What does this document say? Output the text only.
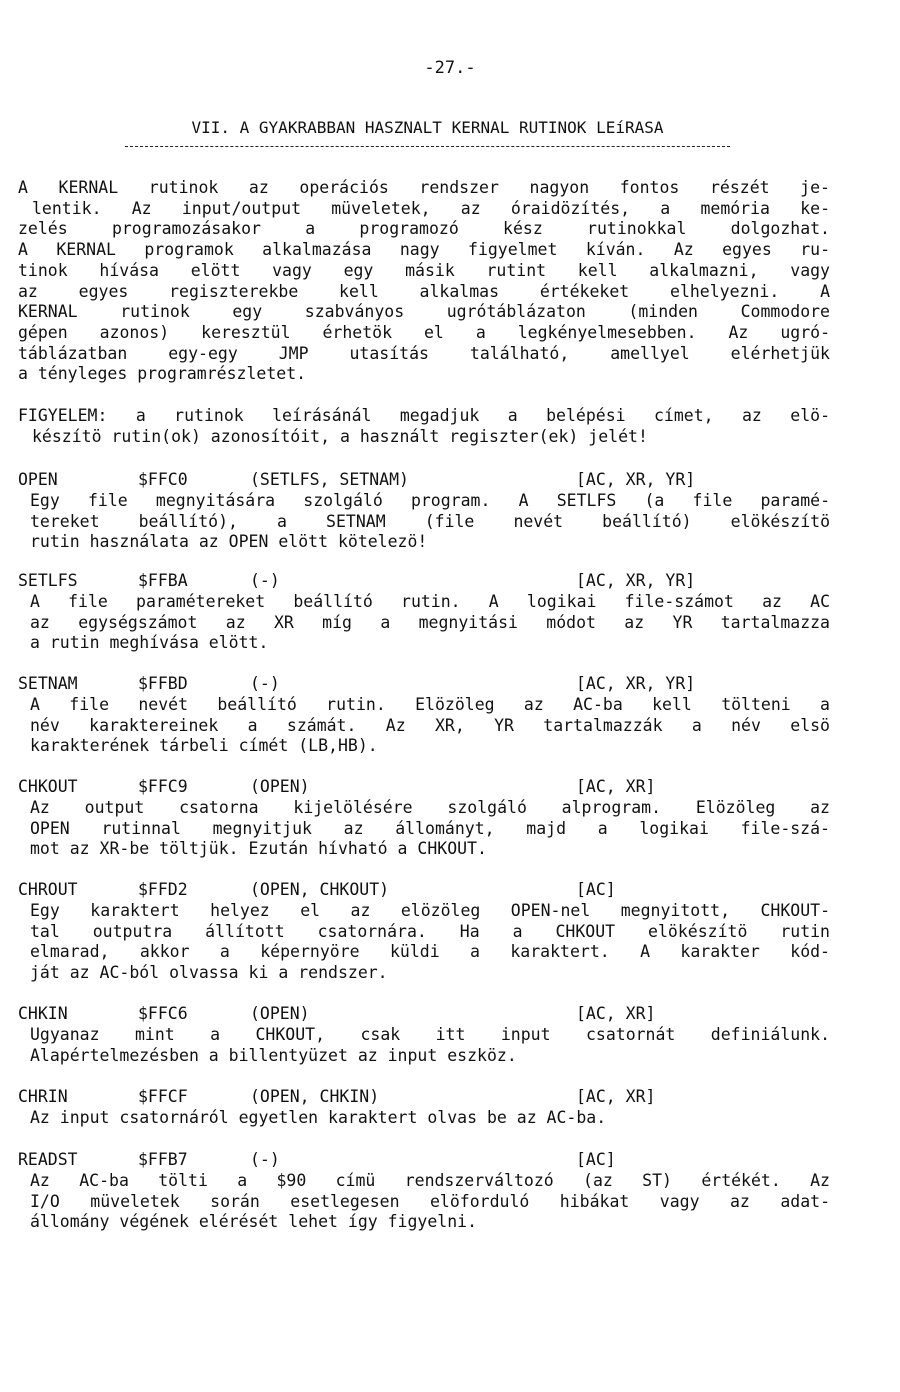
-27.-
VII. A GYAKRABBAN HASZNALT KERNAL RUTINOK LEíRASA
A KERNAL rutinok az operációs rendszer nagyon fontos részét je-
lentik. Az input/output müveletek, az óraidözítés, a memória ke-
zelés programozásakor a programozó kész rutinokkal dolgozhat.
A KERNAL programok alkalmazása nagy figyelmet kíván. Az egyes ru-
tinok hívása elött vagy egy másik rutint kell alkalmazni, vagy
az egyes regiszterekbe kell alkalmas értékeket elhelyezni. A
KERNAL rutinok egy szabványos ugrótáblázaton (minden Commodore
gépen azonos) keresztül érhetök el a legkényelmesebben. Az ugró-
táblázatban egy-egy JMP utasítás található, amellyel elérhetjük
a tényleges programrészletet.
FIGYELEM: a rutinok leírásánál megadjuk a belépési címet, az elö-
készítö rutin(ok) azonosítóit, a használt regiszter(ek) jelét!
OPEN	$FFC0	(SETLFS, SETNAM)	[AC, XR, YR]
Egy file megnyitására szolgáló program. A SETLFS (a file paramé-
tereket beállító), a SETNAM (file nevét beállító) elökészítö
rutin használata az OPEN elött kötelezö!
SETLFS	$FFBA	(-)	[AC, XR, YR]
A file paramétereket beállító rutin. A logikai file-számot az AC
az egységszámot az XR míg a megnyitási módot az YR tartalmazza
a rutin meghívása elött.
SETNAM	$FFBD	(-)	[AC, XR, YR]
A file nevét beállító rutin. Elözöleg az AC-ba kell tölteni a
név karaktereinek a számát. Az XR, YR tartalmazzák a név elsö
karakterének tárbeli címét (LB,HB).
CHKOUT	$FFC9	(OPEN)	[AC, XR]
Az output csatorna kijelölésére szolgáló alprogram. Elözöleg az
OPEN rutinnal megnyitjuk az állományt, majd a logikai file-szá-
mot az XR-be töltjük. Ezután hívható a CHKOUT.
CHROUT	$FFD2	(OPEN, CHKOUT)	[AC]
Egy karaktert helyez el az elözöleg OPEN-nel megnyitott, CHKOUT-
tal outputra állított csatornára. Ha a CHKOUT elökészítö rutin
elmarad, akkor a képernyöre küldi a karaktert. A karakter kód-
ját az AC-ból olvassa ki a rendszer.
CHKIN	$FFC6	(OPEN)	[AC, XR]
Ugyanaz mint a CHKOUT, csak itt input csatornát definiálunk.
Alapértelmezésben a billentyüzet az input eszköz.
CHRIN	$FFCF	(OPEN, CHKIN)	[AC, XR]
Az input csatornáról egyetlen karaktert olvas be az AC-ba.
READST	$FFB7	(-)	[AC]
Az AC-ba tölti a $90 címü rendszerváltozó (az ST) értékét. Az
I/O müveletek során esetlegesen elöforduló hibákat vagy az adat-
állomány végének elérését lehet így figyelni.
